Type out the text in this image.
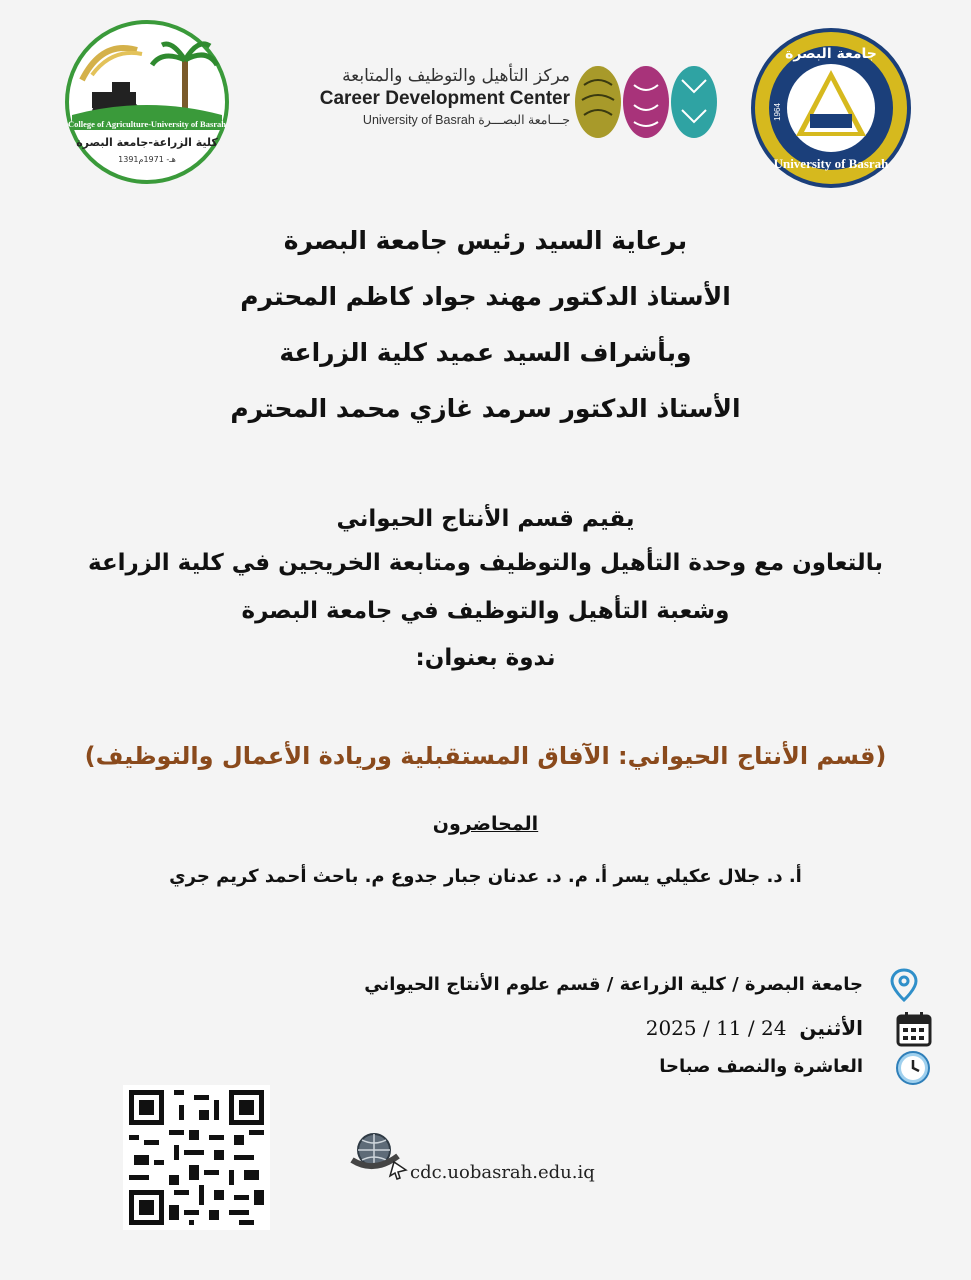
College of Agriculture-University of Basrah
كلية الزراعة-جامعة البصرة
1391هـ- 1971م
مركز التأهيل والتوظيف والمتابعة
Career Development Center
University of Basrah جـــامعة البصـــرة
جامعة البصرة
University of Basrah
1964
برعاية السيد رئيس جامعة البصرة
الأستاذ الدكتور مهند جواد كاظم المحترم
وبأشراف السيد عميد كلية الزراعة
الأستاذ الدكتور سرمد غازي محمد المحترم
يقيم قسم الأنتاج الحيواني
بالتعاون مع وحدة التأهيل والتوظيف ومتابعة الخريجين في كلية الزراعة
وشعبة التأهيل والتوظيف في جامعة البصرة
ندوة بعنوان:
(قسم الأنتاج الحيواني: الآفاق المستقبلية وريادة الأعمال والتوظيف)
المحاضرون
أ. د. جلال عكيلي يسر أ. م. د. عدنان جبار جدوع م. باحث أحمد كريم جري
جامعة البصرة / كلية الزراعة / قسم علوم الأنتاج الحيواني
الأثنين 2025 / 11 / 24
العاشرة والنصف صباحا
cdc.uobasrah.edu.iq
